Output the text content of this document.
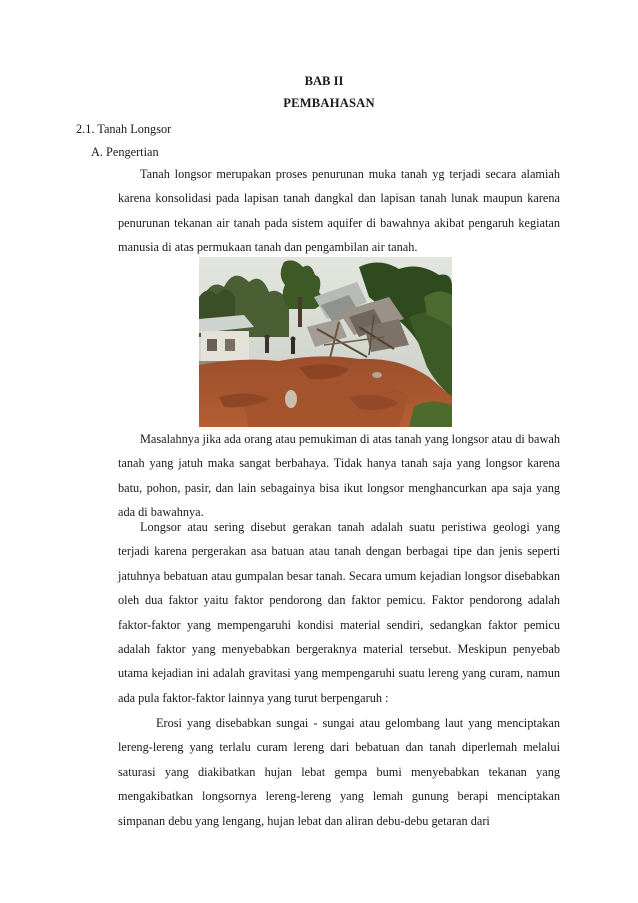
BAB II
PEMBAHASAN
2.1. Tanah Longsor
A. Pengertian

Tanah longsor merupakan proses penurunan muka tanah yg terjadi secara alamiah karena konsolidasi pada lapisan tanah dangkal dan lapisan tanah lunak maupun karena penurunan tekanan air tanah pada sistem aquifer di bawahnya akibat pengaruh kegiatan manusia di atas permukaan tanah dan pengambilan air tanah.

Masalahnya jika ada orang atau pemukiman di atas tanah yang longsor atau di bawah tanah yang jatuh maka sangat berbahaya. Tidak hanya tanah saja yang longsor karena batu, pohon, pasir, dan lain sebagainya bisa ikut longsor menghancurkan apa saja yang ada di bawahnya.

Longsor atau sering disebut gerakan tanah adalah suatu peristiwa geologi yang terjadi karena pergerakan asa batuan atau tanah dengan berbagai tipe dan jenis seperti jatuhnya bebatuan atau gumpalan besar tanah. Secara umum kejadian longsor disebabkan oleh dua faktor yaitu faktor pendorong dan faktor pemicu. Faktor pendorong adalah faktor-faktor yang mempengaruhi kondisi material sendiri, sedangkan faktor pemicu adalah faktor yang menyebabkan bergeraknya material tersebut. Meskipun penyebab utama kejadian ini adalah gravitasi yang mempengaruhi suatu lereng yang curam, namun ada pula faktor-faktor lainnya yang turut berpengaruh :

Erosi yang disebabkan sungai - sungai atau gelombang laut yang menciptakan lereng-lereng yang terlalu curam lereng dari bebatuan dan tanah diperlemah melalui saturasi yang diakibatkan hujan lebat gempa bumi menyebabkan tekanan yang mengakibatkan longsornya lereng-lereng yang lemah gunung berapi menciptakan simpanan debu yang lengang, hujan lebat dan aliran debu-debu getaran dari
